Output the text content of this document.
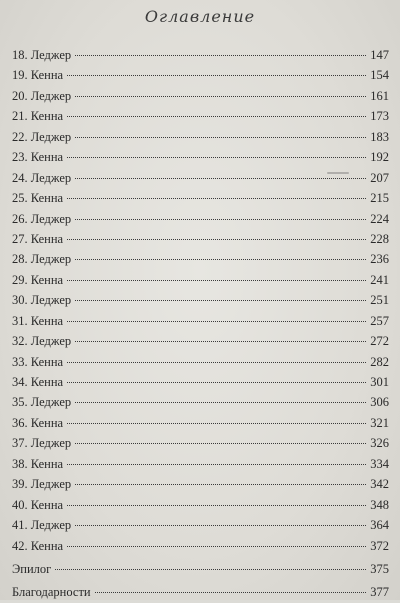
Оглавление
18. Леджер	147
19. Кенна	154
20. Леджер	161
21. Кенна	173
22. Леджер	183
23. Кенна	192
24. Леджер	207
25. Кенна	215
26. Леджер	224
27. Кенна	228
28. Леджер	236
29. Кенна	241
30. Леджер	251
31. Кенна	257
32. Леджер	272
33. Кенна	282
34. Кенна	301
35. Леджер	306
36. Кенна	321
37. Леджер	326
38. Кенна	334
39. Леджер	342
40. Кенна	348
41. Леджер	364
42. Кенна	372
Эпилог	375
Благодарности	377
